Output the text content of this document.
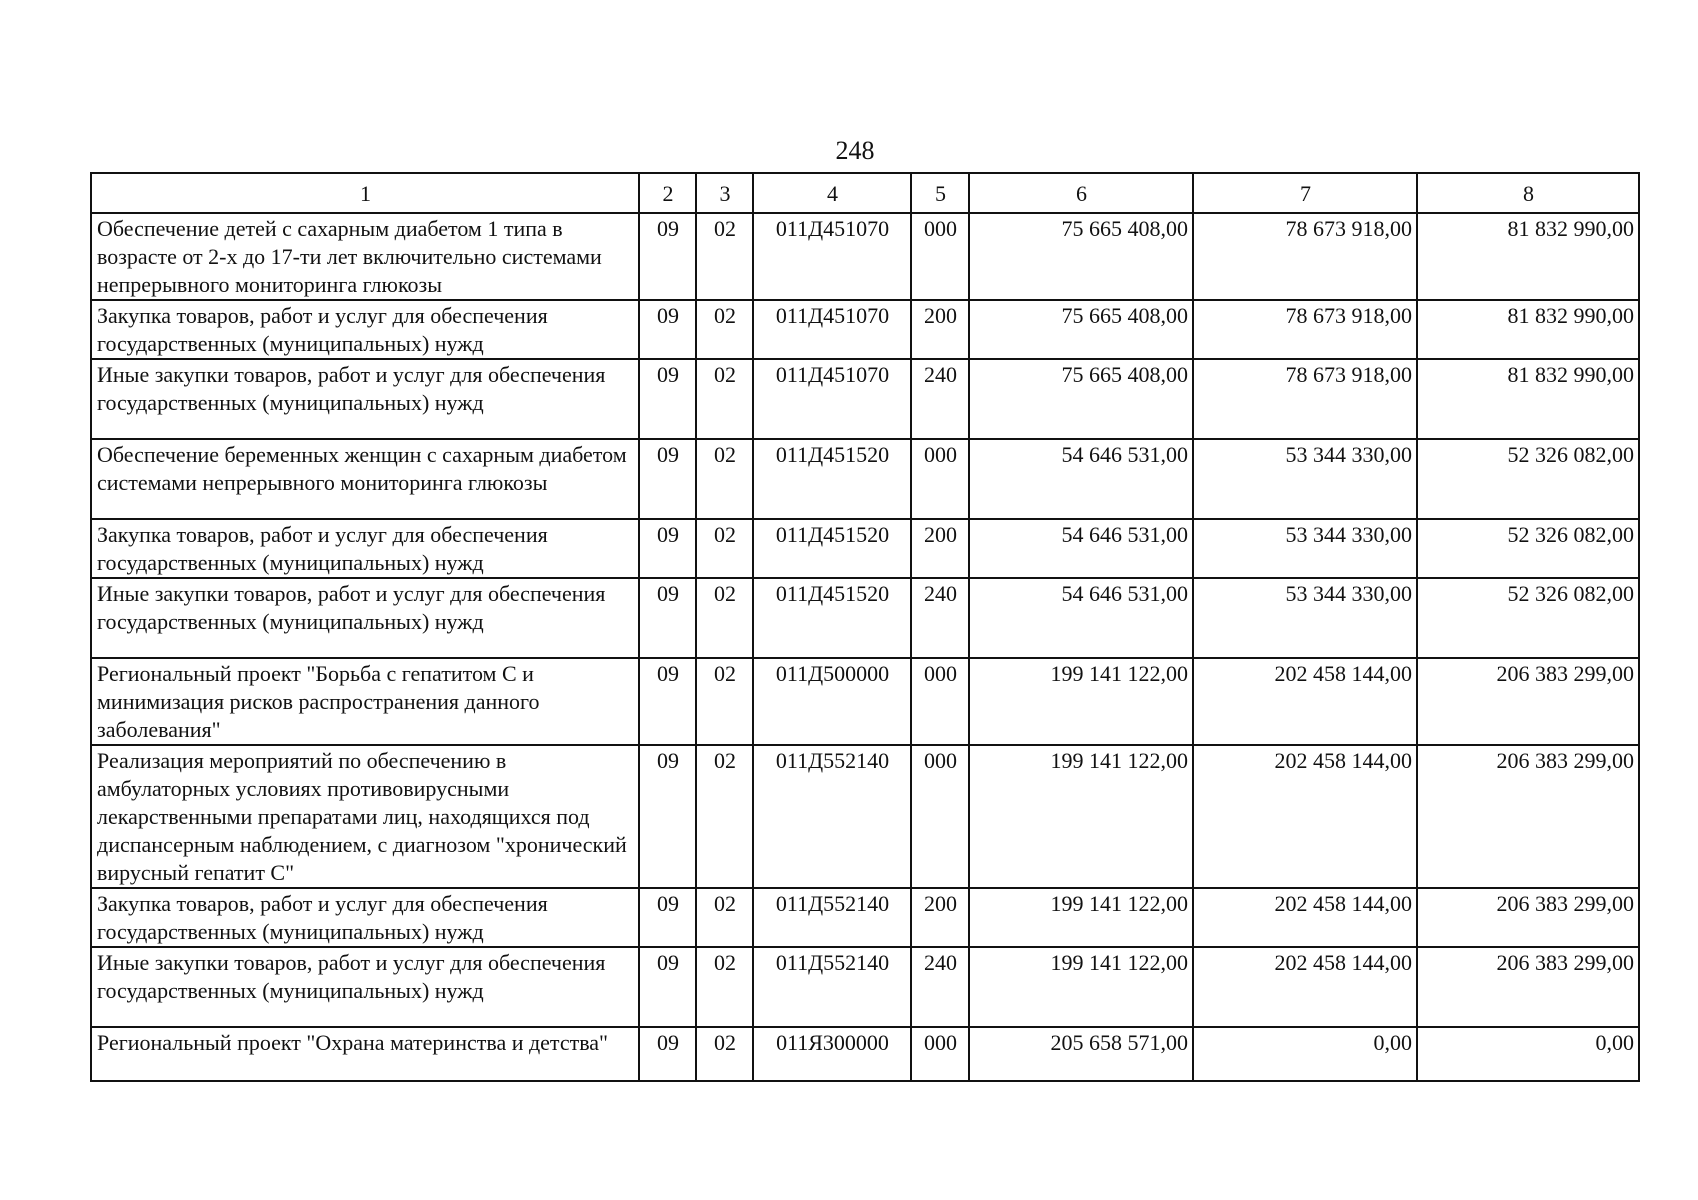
248
1	2	3	4	5	6	7	8
Обеспечение детей с сахарным диабетом 1 типа в возрасте от 2-х до 17-ти лет включительно системами непрерывного мониторинга глюкозы	09	02	011Д451070	000	75 665 408,00	78 673 918,00	81 832 990,00
Закупка товаров, работ и услуг для обеспечения государственных (муниципальных) нужд	09	02	011Д451070	200	75 665 408,00	78 673 918,00	81 832 990,00
Иные закупки товаров, работ и услуг для обеспечения государственных (муниципальных) нужд	09	02	011Д451070	240	75 665 408,00	78 673 918,00	81 832 990,00
Обеспечение беременных женщин с сахарным диабетом системами непрерывного мониторинга глюкозы	09	02	011Д451520	000	54 646 531,00	53 344 330,00	52 326 082,00
Закупка товаров, работ и услуг для обеспечения государственных (муниципальных) нужд	09	02	011Д451520	200	54 646 531,00	53 344 330,00	52 326 082,00
Иные закупки товаров, работ и услуг для обеспечения государственных (муниципальных) нужд	09	02	011Д451520	240	54 646 531,00	53 344 330,00	52 326 082,00
Региональный проект "Борьба с гепатитом С и минимизация рисков распространения данного заболевания"	09	02	011Д500000	000	199 141 122,00	202 458 144,00	206 383 299,00
Реализация мероприятий по обеспечению в амбулаторных условиях противовирусными лекарственными препаратами лиц, находящихся под диспансерным наблюдением, с диагнозом "хронический вирусный гепатит С"	09	02	011Д552140	000	199 141 122,00	202 458 144,00	206 383 299,00
Закупка товаров, работ и услуг для обеспечения государственных (муниципальных) нужд	09	02	011Д552140	200	199 141 122,00	202 458 144,00	206 383 299,00
Иные закупки товаров, работ и услуг для обеспечения государственных (муниципальных) нужд	09	02	011Д552140	240	199 141 122,00	202 458 144,00	206 383 299,00
Региональный проект "Охрана материнства и детства"	09	02	011Я300000	000	205 658 571,00	0,00	0,00
